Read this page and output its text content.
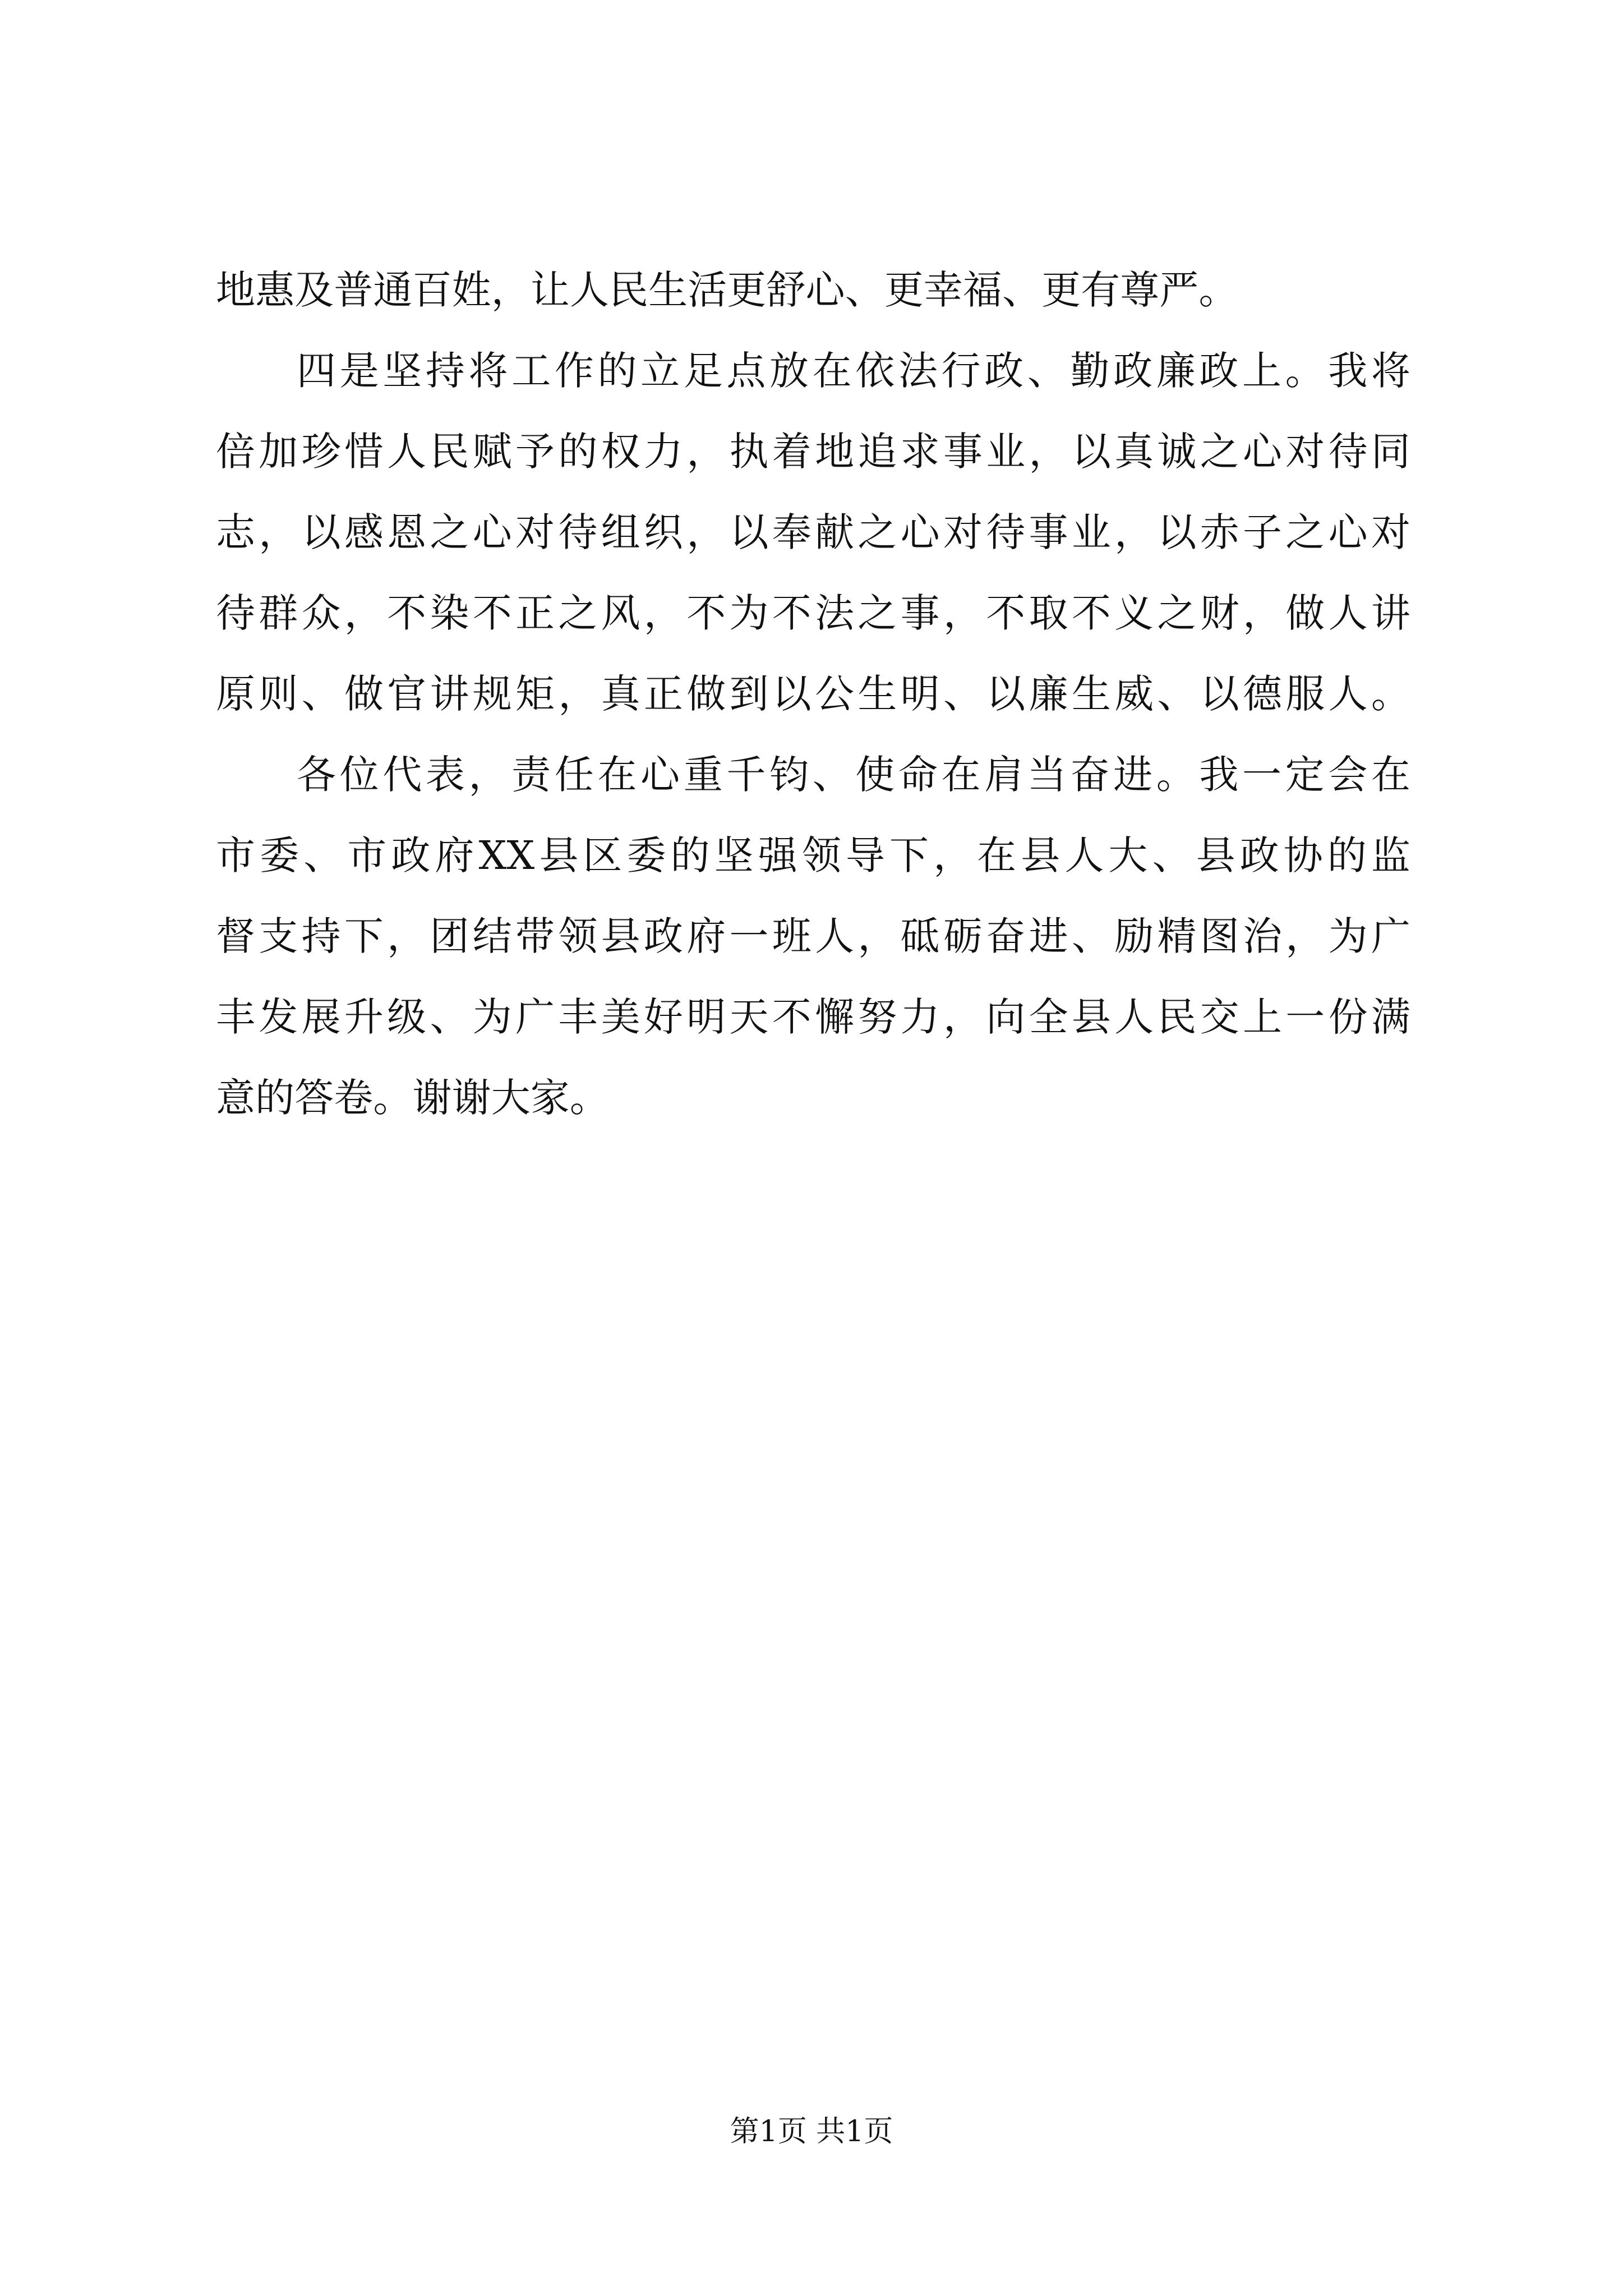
地惠及普通百姓，让人民生活更舒心、更幸福、更有尊严。
四是坚持将工作的立足点放在依法行政、勤政廉政上。我将
倍加珍惜人民赋予的权力，执着地追求事业，以真诚之心对待同
志，以感恩之心对待组织，以奉献之心对待事业，以赤子之心对
待群众，不染不正之风，不为不法之事，不取不义之财，做人讲
原则、做官讲规矩，真正做到以公生明、以廉生威、以德服人。
各位代表，责任在心重千钧、使命在肩当奋进。我一定会在
市委、市政府XX县区委的坚强领导下，在县人大、县政协的监
督支持下，团结带领县政府一班人，砥砺奋进、励精图治，为广
丰发展升级、为广丰美好明天不懈努力，向全县人民交上一份满
意的答卷。谢谢大家。
第1页 共1页
